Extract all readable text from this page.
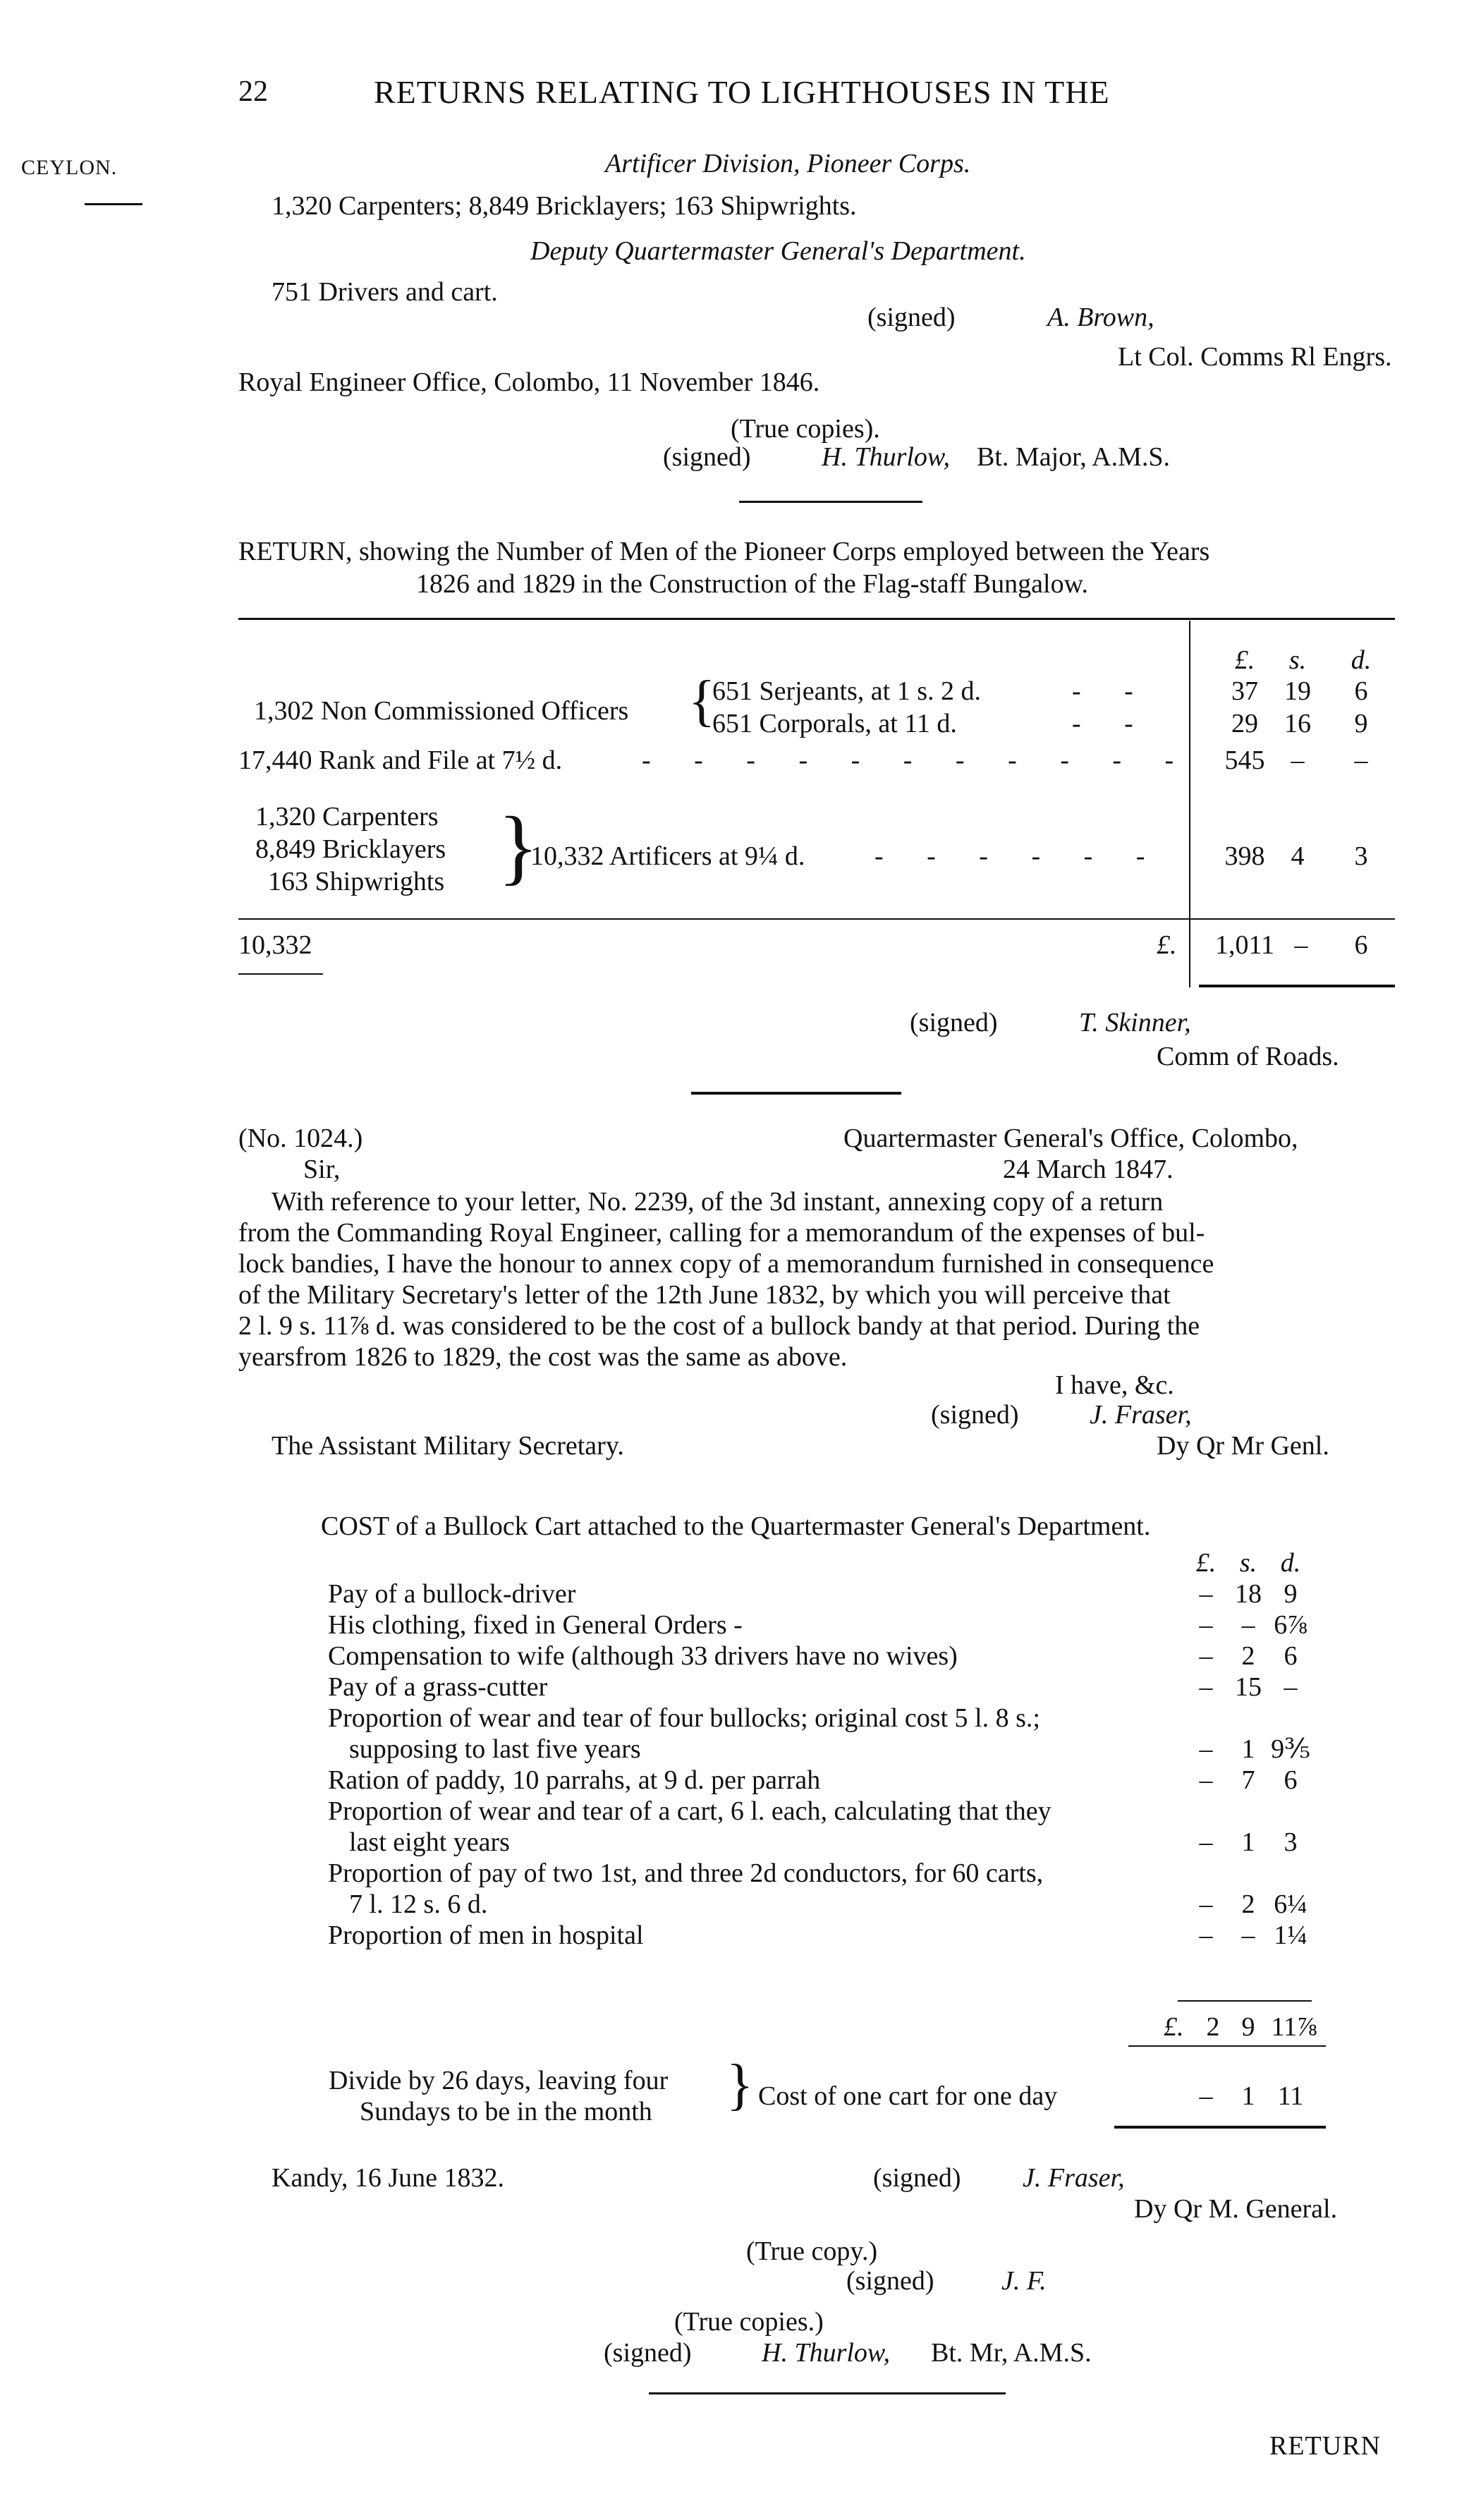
22	RETURNS RELATING TO LIGHTHOUSES IN THE
CEYLON.	Artificer Division, Pioneer Corps.
1,320 Carpenters; 8,849 Bricklayers; 163 Shipwrights.
Deputy Quartermaster General's Department.
751 Drivers and cart.
(signed)	A. Brown,
Lt Col. Comms Rl Engrs.
Royal Engineer Office, Colombo, 11 November 1846.
(True copies).
(signed)	H. Thurlow, Bt. Major, A.M.S.
RETURN, showing the Number of Men of the Pioneer Corps employed between the Years
1826 and 1829 in the Construction of the Flag-staff Bungalow.
£.	s.	d.
1,302 Non Commissioned Officers {
651 Serjeants, at 1 s. 2 d.	- -	37 19	6
651 Corporals, at 11 d.	- -	29 16	9
17,440 Rank and File at 7½ d.	- - - - - - - - - - - 545 –	–
1,320 Carpenters
8,849 Bricklayers
163 Shipwrights {
10,332 Artificers at 9¼ d.	- - - - - - 398 4	3
10,332	£.	1,011 –	6
(signed)	T. Skinner,
Comm of Roads.
(No. 1024.)	Quartermaster General's Office, Colombo,
Sir,	24 March 1847.
With reference to your letter, No. 2239, of the 3d instant, annexing copy of a return
from the Commanding Royal Engineer, calling for a memorandum of the expenses of bul-
lock bandies, I have the honour to annex copy of a memorandum furnished in consequence
of the Military Secretary's letter of the 12th June 1832, by which you will perceive that
2 l. 9 s. 11⅞ d. was considered to be the cost of a bullock bandy at that period. During the
yearsfrom 1826 to 1829, the cost was the same as above.
I have, &c.
(signed)	J. Fraser,
The Assistant Military Secretary.	Dy Qr Mr Genl.
COST of a Bullock Cart attached to the Quartermaster General's Department.
£. s. d.
Pay of a bullock-driver	– 18 9
His clothing, fixed in General Orders -	–	– 6⅞
Compensation to wife (although 33 drivers have no wives)	–	2	6
Pay of a grass-cutter	– 15 –
Proportion of wear and tear of four bullocks; original cost 5 l. 8 s.;
supposing to last five years	–	1 9⅗
Ration of paddy, 10 parrahs, at 9 d. per parrah	–	7	6
Proportion of wear and tear of a cart, 6 l. each, calculating that they
last eight years	–	1	3
Proportion of pay of two 1st, and three 2d conductors, for 60 carts,
7 l. 12 s. 6 d.	–	2 6¼
Proportion of men in hospital	–	– 1¼
£. 2 9 11⅞
Divide by 26 days, leaving four
Sundays to be in the month { Cost of one cart for one day	–	1 11
Kandy, 16 June 1832.	(signed) J. Fraser,
Dy Qr M. General.
(True copy.)
(signed)	J. F.
(True copies.)
(signed)	H. Thurlow, Bt. Mr, A.M.S.
RETURN
